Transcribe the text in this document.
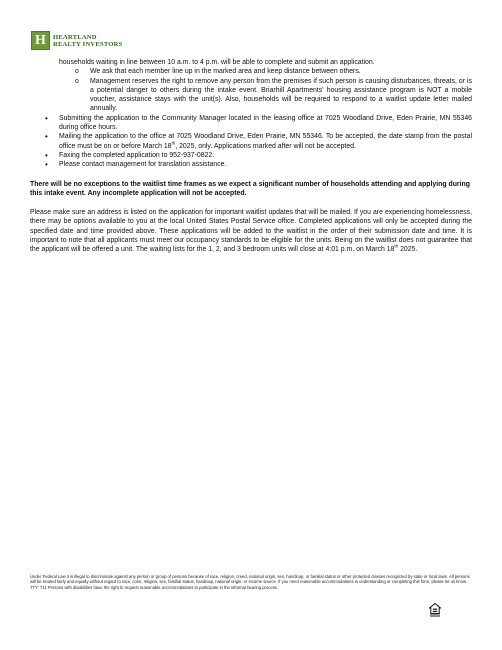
H	HEARTLAND
REALTY INVESTORS

households waiting in line between 10 a.m. to 4 p.m. will be able to complete and submit an application.

o We ask that each member line up in the marked area and keep distance between others.
o Management reserves the right to remove any person from the premises if such person is causing disturbances, threats, or is a potential danger to others during the intake event. Briarhill Apartments' housing assistance program is NOT a mobile voucher, assistance stays with the unit(s). Also, households will be required to respond to a waitlist update letter mailed annually.
• Submitting the application to the Community Manager located in the leasing office at 7025 Woodland Drive, Eden Prairie, MN 55346 during office hours.
• Mailing the application to the office at 7025 Woodland Drive, Eden Prairie, MN 55346. To be accepted, the date stamp from the postal office must be on or before March 18th, 2025, only. Applications marked after will not be accepted.
• Faxing the completed application to 952-937-0822.
• Please contact management for translation assistance.

There will be no exceptions to the waitlist time frames as we expect a significant number of households attending and applying during this intake event. Any incomplete application will not be accepted.

Please make sure an address is listed on the application for important waitlist updates that will be mailed. If you are experiencing homelessness, there may be options available to you at the local United States Postal Service office. Completed applications will only be accepted during the specified date and time provided above. These applications will be added to the waitlist in the order of their submission date and time. It is important to note that all applicants must meet our occupancy standards to be eligible for the units. Being on the waitlist does not guarantee that the applicant will be offered a unit. The waiting lists for the 1, 2, and 3 bedroom units will close at 4:01 p.m. on March 18th 2025.

Under Federal Law it is illegal to discriminate against any person or group of persons because of race, religion, creed, national origin, sex, handicap, or familial status or other protected classes recognized by state or local laws. All persons will be treated fairly and equally without regard to race, color, religion, sex, familial status, handicap, national origin, or income source. If you need reasonable accommodations in understanding or completing this form, please let us know. TTY: 711 Persons with disabilities have the right to request reasonable accommodations to participate in the informal hearing process.
